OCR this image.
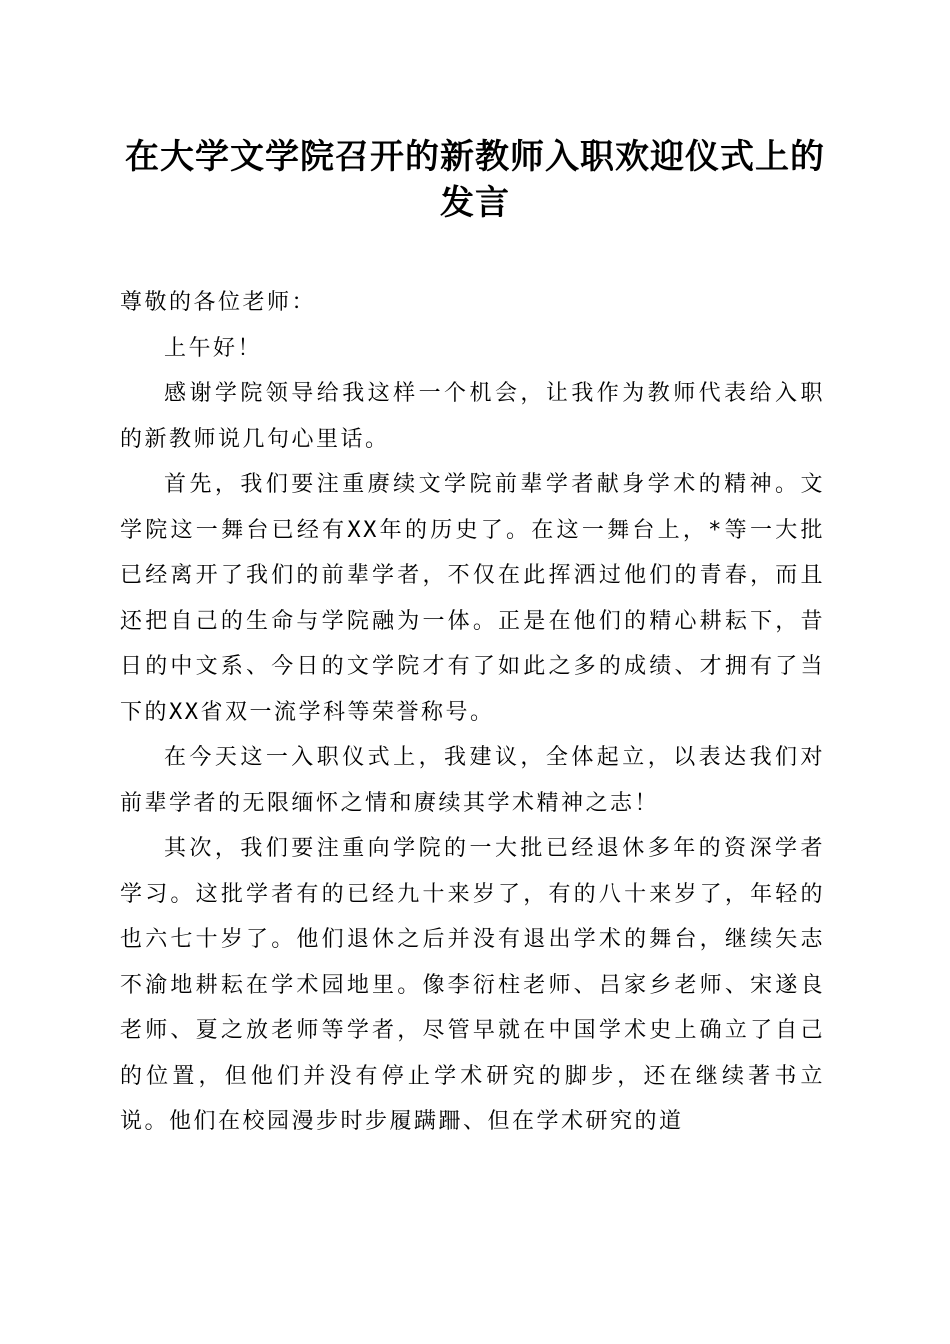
在大学文学院召开的新教师入职欢迎仪式上的
发言

尊敬的各位老师：

上午好！

感谢学院领导给我这样一个机会，让我作为教师代表给入职的新教师说几句心里话。

首先，我们要注重赓续文学院前辈学者献身学术的精神。文学院这一舞台已经有XX年的历史了。在这一舞台上，*等一大批已经离开了我们的前辈学者，不仅在此挥洒过他们的青春，而且还把自己的生命与学院融为一体。正是在他们的精心耕耘下，昔日的中文系、今日的文学院才有了如此之多的成绩、才拥有了当下的XX省双一流学科等荣誉称号。

在今天这一入职仪式上，我建议，全体起立，以表达我们对前辈学者的无限缅怀之情和赓续其学术精神之志！

其次，我们要注重向学院的一大批已经退休多年的资深学者学习。这批学者有的已经九十来岁了，有的八十来岁了，年轻的也六七十岁了。他们退休之后并没有退出学术的舞台，继续矢志不渝地耕耘在学术园地里。像李衍柱老师、吕家乡老师、宋遂良老师、夏之放老师等学者，尽管早就在中国学术史上确立了自己的位置，但他们并没有停止学术研究的脚步，还在继续著书立说。他们在校园漫步时步履蹒跚、但在学术研究的道
